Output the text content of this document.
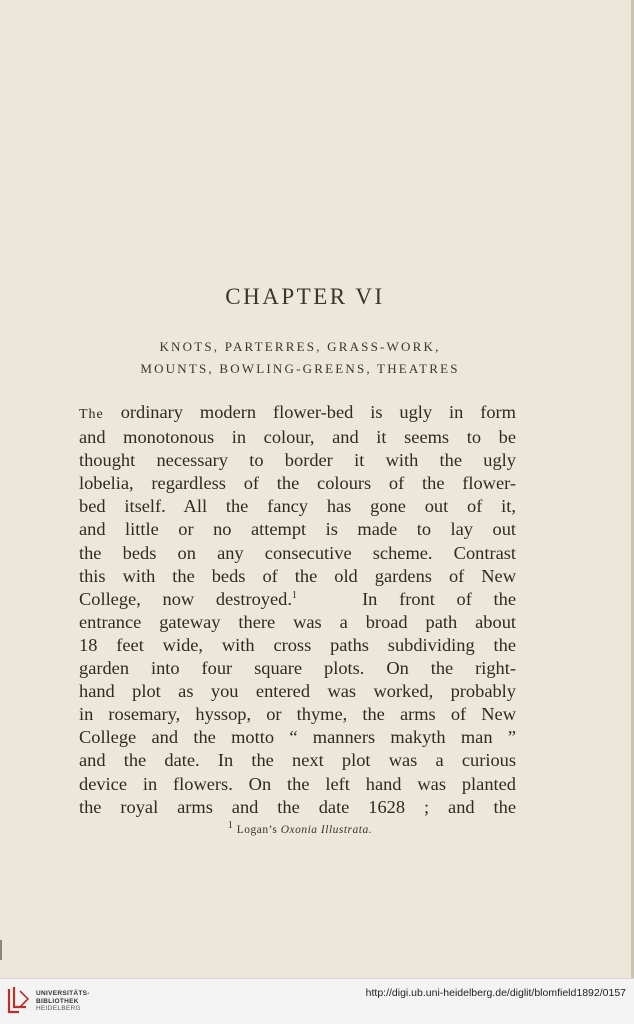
CHAPTER VI
KNOTS, PARTERRES, GRASS-WORK,
MOUNTS, BOWLING-GREENS, THEATRES
The ordinary modern flower-bed is ugly in form
and monotonous in colour, and it seems to be
thought necessary to border it with the ugly
lobelia, regardless of the colours of the flower-
bed itself. All the fancy has gone out of it,
and little or no attempt is made to lay out
the beds on any consecutive scheme. Contrast
this with the beds of the old gardens of New
College, now destroyed.$^1$	In front of the
entrance gateway there was a broad path about
18 feet wide, with cross paths subdividing the
garden into four square plots. On the right-
hand plot as you entered was worked, probably
in rosemary, hyssop, or thyme, the arms of New
College and the motto “ manners makyth man ”
and the date. In the next plot was a curious
device in flowers. On the left hand was planted
the royal arms and the date 1628 ; and the
$^1$ Logan’s Oxonia Illustrata.
UNIVERSITÄTS-
BIBLIOTHEK
HEIDELBERG
http://digi.ub.uni-heidelberg.de/diglit/blomfield1892/0157
